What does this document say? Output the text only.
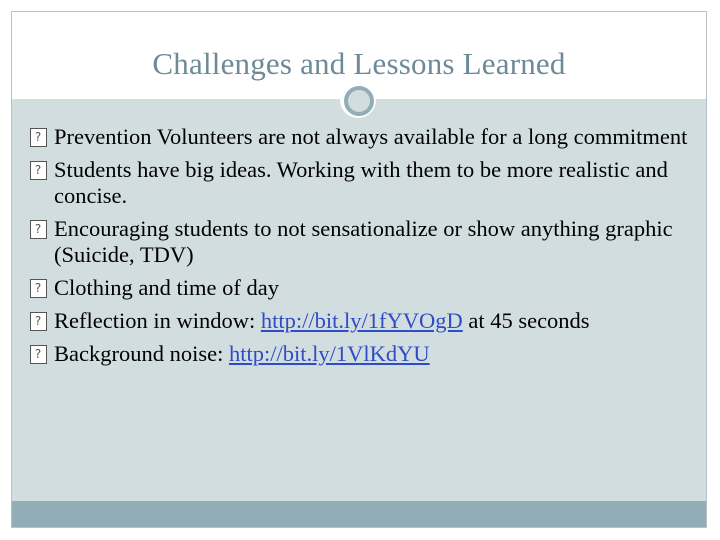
Challenges and Lessons Learned
?
Prevention Volunteers are not always available for a long commitment
?
Students have big ideas. Working with them to be more realistic and concise.
?
Encouraging students to not sensationalize or show anything graphic (Suicide, TDV)
?
Clothing and time of day
?
Reflection in window: http://bit.ly/1fYVOgD at 45 seconds
?
Background noise: http://bit.ly/1VlKdYU
